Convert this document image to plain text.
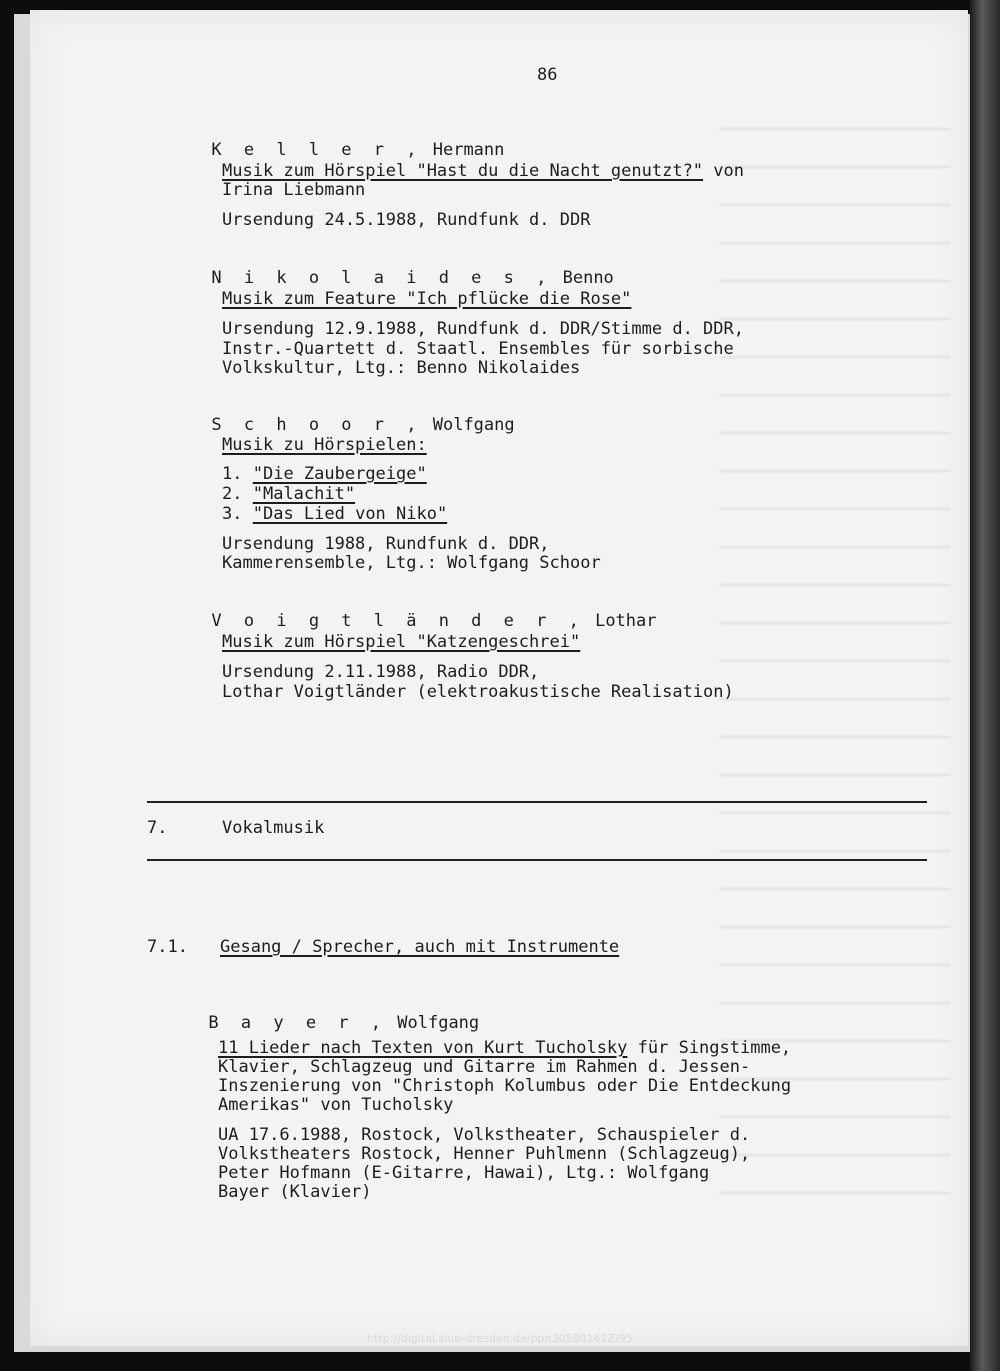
86

K e l l e r , Hermann

Musik zum Hörspiel "Hast du die Nacht genutzt?" von
Irina Liebmann
Ursendung 24.5.1988, Rundfunk d. DDR

N i k o l a i d e s , Benno

Musik zum Feature "Ich pflücke die Rose"
Ursendung 12.9.1988, Rundfunk d. DDR/Stimme d. DDR,
Instr.-Quartett d. Staatl. Ensembles für sorbische
Volkskultur, Ltg.: Benno Nikolaides

S c h o o r , Wolfgang

Musik zu Hörspielen:
1. "Die Zaubergeige"
2. "Malachit"
3. "Das Lied von Niko"
Ursendung 1988, Rundfunk d. DDR,
Kammerensemble, Ltg.: Wolfgang Schoor

V o i g t l ä n d e r , Lothar

Musik zum Hörspiel "Katzengeschrei"
Ursendung 2.11.1988, Radio DDR,
Lothar Voigtländer (elektroakustische Realisation)
7.	Vokalmusik
7.1. Gesang / Sprecher, auch mit Instrumente

B a y e r , Wolfgang

11 Lieder nach Texten von Kurt Tucholsky für Singstimme,
Klavier, Schlagzeug und Gitarre im Rahmen d. Jessen-
Inszenierung von "Christoph Kolumbus oder Die Entdeckung
Amerikas" von Tucholsky
UA 17.6.1988, Rostock, Volkstheater, Schauspieler d.
Volkstheaters Rostock, Henner Puhlmenn (Schlagzeug),
Peter Hofmann (E-Gitarre, Hawai), Ltg.: Wolfgang
Bayer (Klavier)
http://digital.slub-dresden.de/ppn30580162Z/95
